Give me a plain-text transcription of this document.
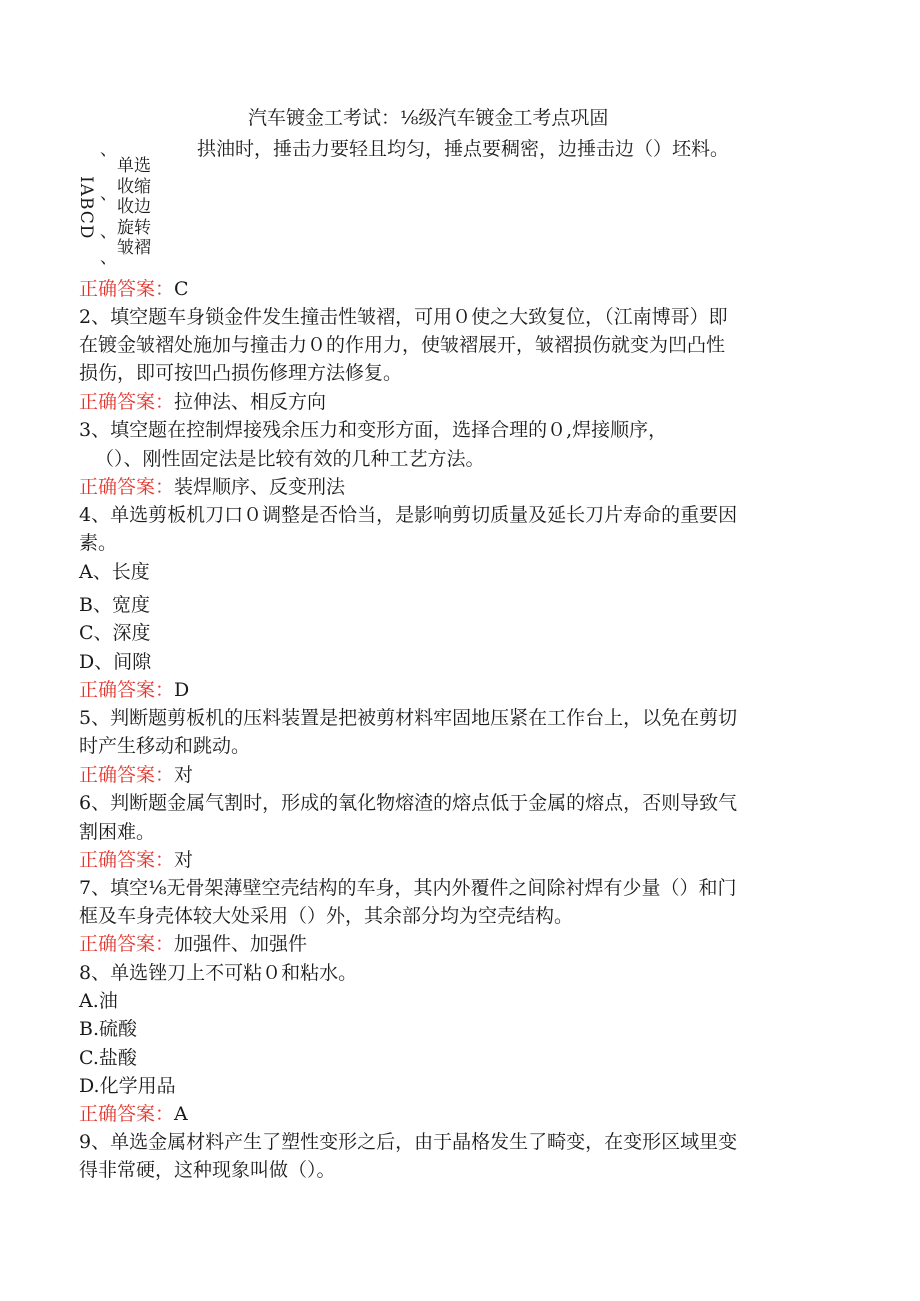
汽车镀金工考试：⅛级汽车镀金工考点巩固
拱油时，捶击力要轻且均匀，捶点要稠密，边捶击边（）坯料。
、
IABCD 、
、
、
单选
收缩
收边
旋转
皱褶
正确答案：C
2、填空题车身锁金件发生撞击性皱褶，可用０使之大致复位，（江南博哥）即
在镀金皱褶处施加与撞击力０的作用力，使皱褶展开，皱褶损伤就变为凹凸性
损伤，即可按凹凸损伤修理方法修复。
正确答案：拉伸法、相反方向
3、填空题在控制焊接残余压力和变形方面，选择合理的０,焊接顺序，
（）、刚性固定法是比较有效的几种工艺方法。
正确答案：装焊顺序、反变刑法
4、单选剪板机刀口０调整是否恰当，是影响剪切质量及延长刀片寿命的重要因
素。
A、长度
B、宽度
C、深度
D、间隙
正确答案：D
5、判断题剪板机的压料装置是把被剪材料牢固地压紧在工作台上，以免在剪切
时产生移动和跳动。
正确答案：对
6、判断题金属气割时，形成的氧化物熔渣的熔点低于金属的熔点，否则导致气
割困难。
正确答案：对
7、填空⅛无骨架薄壁空壳结构的车身，其内外覆件之间除衬焊有少量（）和门
框及车身壳体较大处采用（）外，其余部分均为空壳结构。
正确答案：加强件、加强件
8、单选锉刀上不可粘０和粘水。
A.油
B.硫酸
C.盐酸
D.化学用品
正确答案：A
9、单选金属材料产生了塑性变形之后，由于晶格发生了畸变，在变形区域里变
得非常硬，这种现象叫做（）。
